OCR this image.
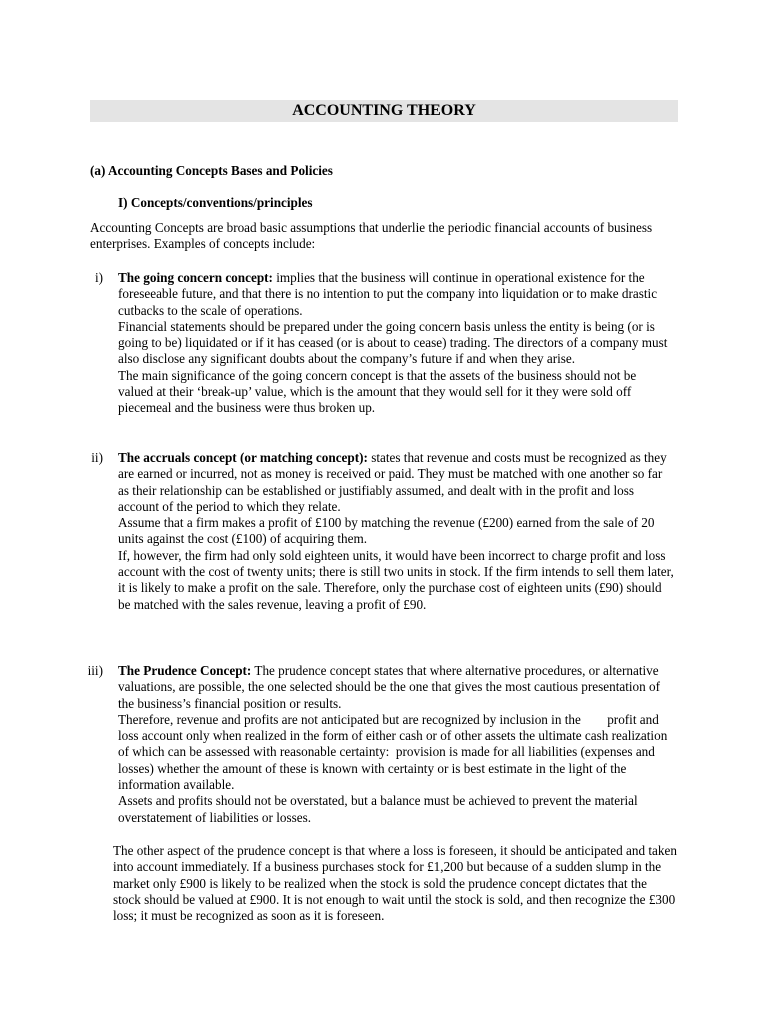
ACCOUNTING THEORY
(a) Accounting Concepts Bases and Policies
I) Concepts/conventions/principles
Accounting Concepts are broad basic assumptions that underlie the periodic financial accounts of business enterprises. Examples of concepts include:
i) The going concern concept: implies that the business will continue in operational existence for the foreseeable future, and that there is no intention to put the company into liquidation or to make drastic cutbacks to the scale of operations.

Financial statements should be prepared under the going concern basis unless the entity is being (or is going to be) liquidated or if it has ceased (or is about to cease) trading. The directors of a company must also disclose any significant doubts about the company’s future if and when they arise.

The main significance of the going concern concept is that the assets of the business should not be valued at their ‘break-up’ value, which is the amount that they would sell for it they were sold off piecemeal and the business were thus broken up.

ii) The accruals concept (or matching concept): states that revenue and costs must be recognized as they are earned or incurred, not as money is received or paid. They must be matched with one another so far as their relationship can be established or justifiably assumed, and dealt with in the profit and loss account of the period to which they relate.

Assume that a firm makes a profit of £100 by matching the revenue (£200) earned from the sale of 20 units against the cost (£100) of acquiring them.

If, however, the firm had only sold eighteen units, it would have been incorrect to charge profit and loss account with the cost of twenty units; there is still two units in stock. If the firm intends to sell them later, it is likely to make a profit on the sale. Therefore, only the purchase cost of eighteen units (£90) should be matched with the sales revenue, leaving a profit of £90.

iii) The Prudence Concept: The prudence concept states that where alternative procedures, or alternative valuations, are possible, the one selected should be the one that gives the most cautious presentation of the business’s financial position or results.

Therefore, revenue and profits are not anticipated but are recognized by inclusion in the        profit and loss account only when realized in the form of either cash or of other assets the ultimate cash realization of which can be assessed with reasonable certainty:  provision is made for all liabilities (expenses and losses) whether the amount of these is known with certainty or is best estimate in the light of the information available.

Assets and profits should not be overstated, but a balance must be achieved to prevent the material overstatement of liabilities or losses.

The other aspect of the prudence concept is that where a loss is foreseen, it should be anticipated and taken into account immediately. If a business purchases stock for £1,200 but because of a sudden slump in the market only £900 is likely to be realized when the stock is sold the prudence concept dictates that the stock should be valued at £900. It is not enough to wait until the stock is sold, and then recognize the £300 loss; it must be recognized as soon as it is foreseen.
